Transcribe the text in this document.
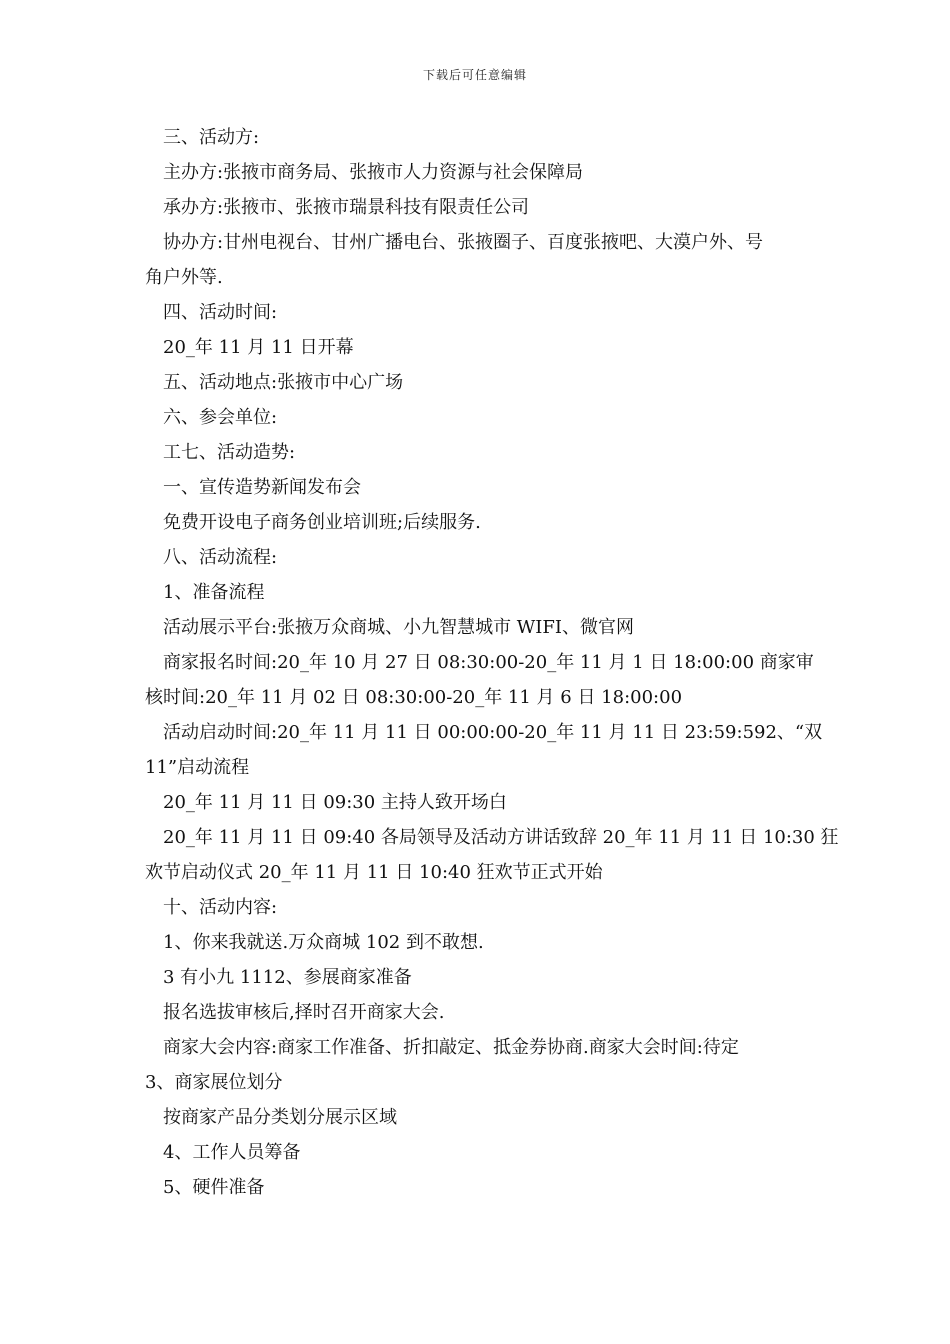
下载后可任意编辑

三、活动方:

主办方:张掖市商务局、张掖市人力资源与社会保障局

承办方:张掖市、张掖市瑞景科技有限责任公司

协办方:甘州电视台、甘州广播电台、张掖圈子、百度张掖吧、大漠户外、号

角户外等.

四、活动时间:

20_年 11 月 11 日开幕

五、活动地点:张掖市中心广场

六、参会单位:

工七、活动造势:

一、宣传造势新闻发布会

免费开设电子商务创业培训班;后续服务.

八、活动流程:

1、准备流程

活动展示平台:张掖万众商城、小九智慧城市 WIFI、微官网

商家报名时间:20_年 10 月 27 日 08:30:00-20_年 11 月 1 日 18:00:00 商家审

核时间:20_年 11 月 02 日 08:30:00-20_年 11 月 6 日 18:00:00

活动启动时间:20_年 11 月 11 日 00:00:00-20_年 11 月 11 日 23:59:592、“双

11”启动流程

20_年 11 月 11 日 09:30 主持人致开场白

20_年 11 月 11 日 09:40 各局领导及活动方讲话致辞 20_年 11 月 11 日 10:30 狂

欢节启动仪式 20_年 11 月 11 日 10:40 狂欢节正式开始

十、活动内容:

1、你来我就送.万众商城 102 到不敢想.

3 有小九 1112、参展商家准备

报名选拔审核后,择时召开商家大会.

商家大会内容:商家工作准备、折扣敲定、抵金券协商.商家大会时间:待定

3、商家展位划分

按商家产品分类划分展示区域

4、工作人员筹备

5、硬件准备
